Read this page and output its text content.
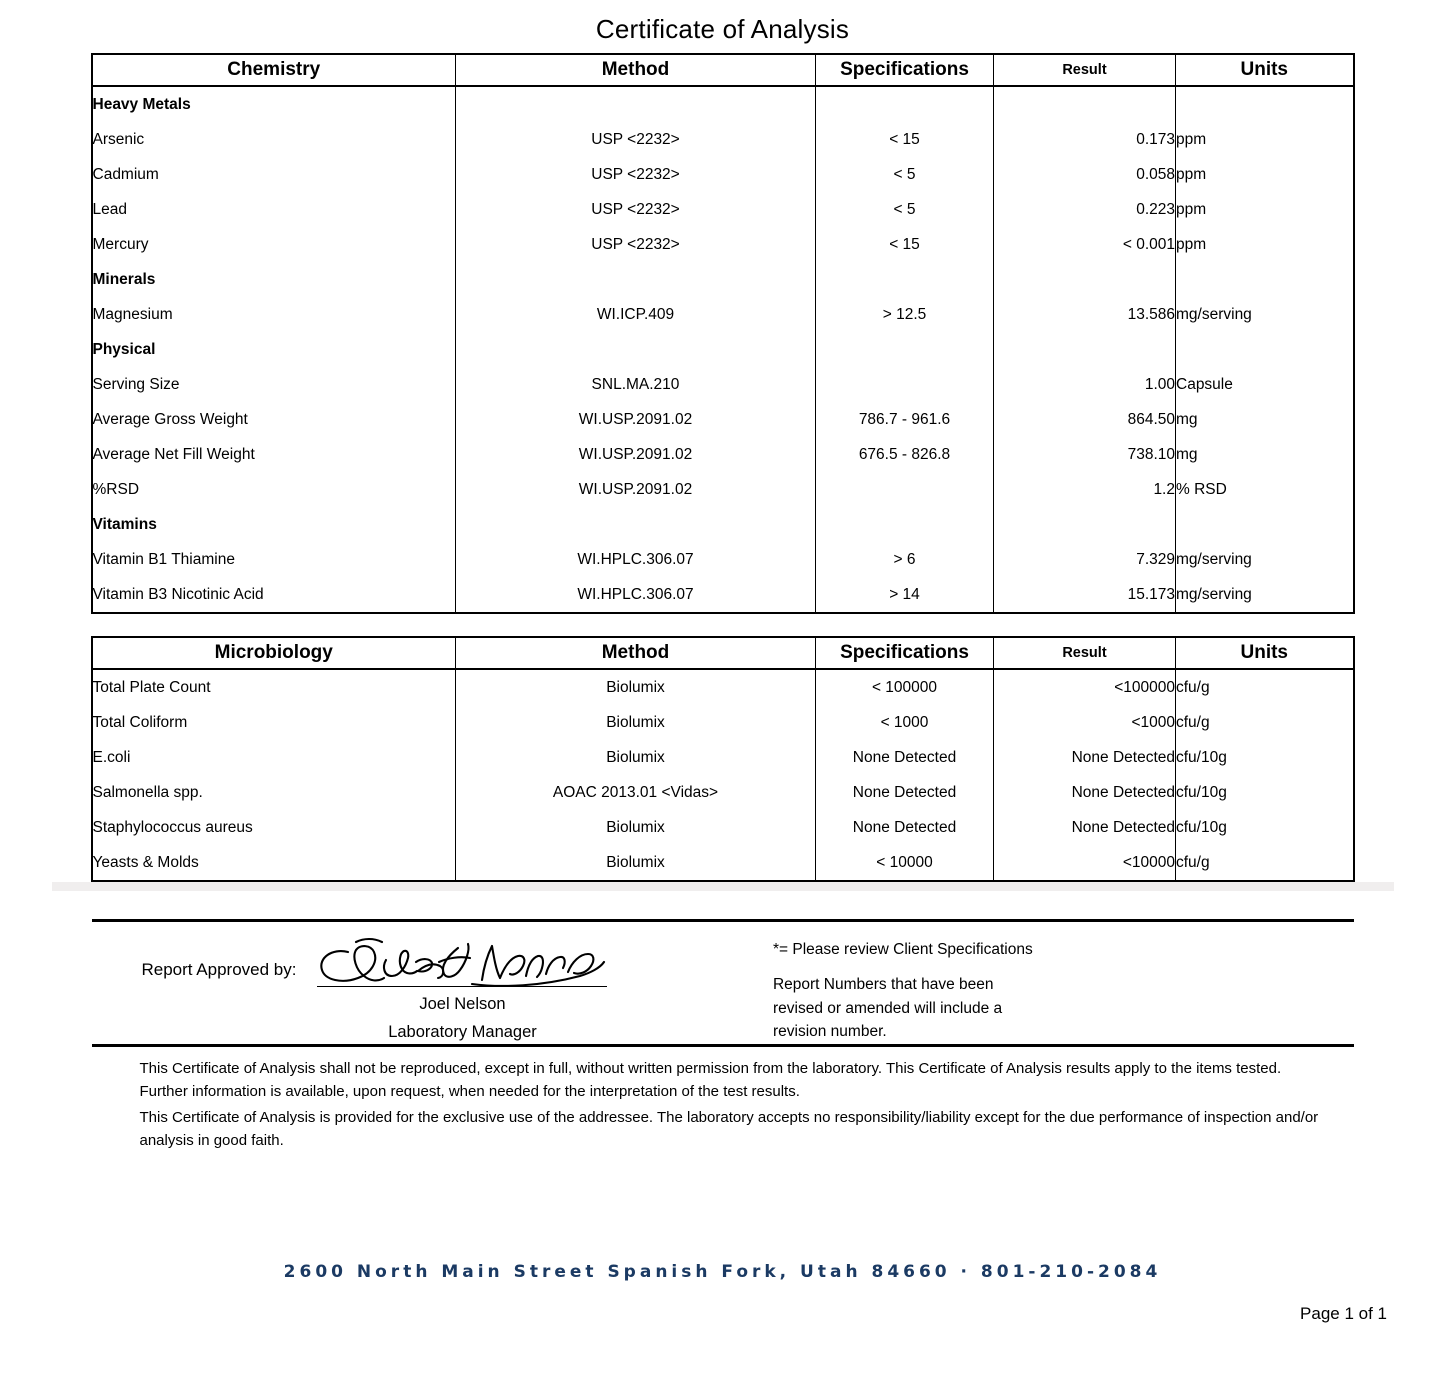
Certificate of Analysis
Chemistry	Method	Specifications	Result	Units
Heavy Metals				
Arsenic	USP <2232>	< 15	0.173	ppm
Cadmium	USP <2232>	< 5	0.058	ppm
Lead	USP <2232>	< 5	0.223	ppm
Mercury	USP <2232>	< 15	< 0.001	ppm
Minerals				
Magnesium	WI.ICP.409	> 12.5	13.586	mg/serving
Physical				
Serving Size	SNL.MA.210		1.00	Capsule
Average Gross Weight	WI.USP.2091.02	786.7 - 961.6	864.50	mg
Average Net Fill Weight	WI.USP.2091.02	676.5 - 826.8	738.10	mg
%RSD	WI.USP.2091.02		1.2	% RSD
Vitamins				
Vitamin B1 Thiamine	WI.HPLC.306.07	> 6	7.329	mg/serving
Vitamin B3 Nicotinic Acid	WI.HPLC.306.07	> 14	15.173	mg/serving
Microbiology	Method	Specifications	Result	Units
Total Plate Count	Biolumix	< 100000	<100000	cfu/g
Total Coliform	Biolumix	< 1000	<1000	cfu/g
E.coli	Biolumix	None Detected	None Detected	cfu/10g
Salmonella spp.	AOAC 2013.01 <Vidas>	None Detected	None Detected	cfu/10g
Staphylococcus aureus	Biolumix	None Detected	None Detected	cfu/10g
Yeasts & Molds	Biolumix	< 10000	<10000	cfu/g
Report Approved by:
Joel Nelson
Laboratory Manager
*= Please review Client Specifications
Report Numbers that have been
revised or amended will include a
revision number.

This Certificate of Analysis shall not be reproduced, except in full, without written permission from the laboratory. This Certificate of Analysis results apply to the items tested. Further information is available, upon request, when needed for the interpretation of the test results.

This Certificate of Analysis is provided for the exclusive use of the addressee. The laboratory accepts no responsibility/liability except for the due performance of inspection and/or analysis in good faith.

2600 North Main Street Spanish Fork, Utah 84660 · 801-210-2084
Page 1 of 1
